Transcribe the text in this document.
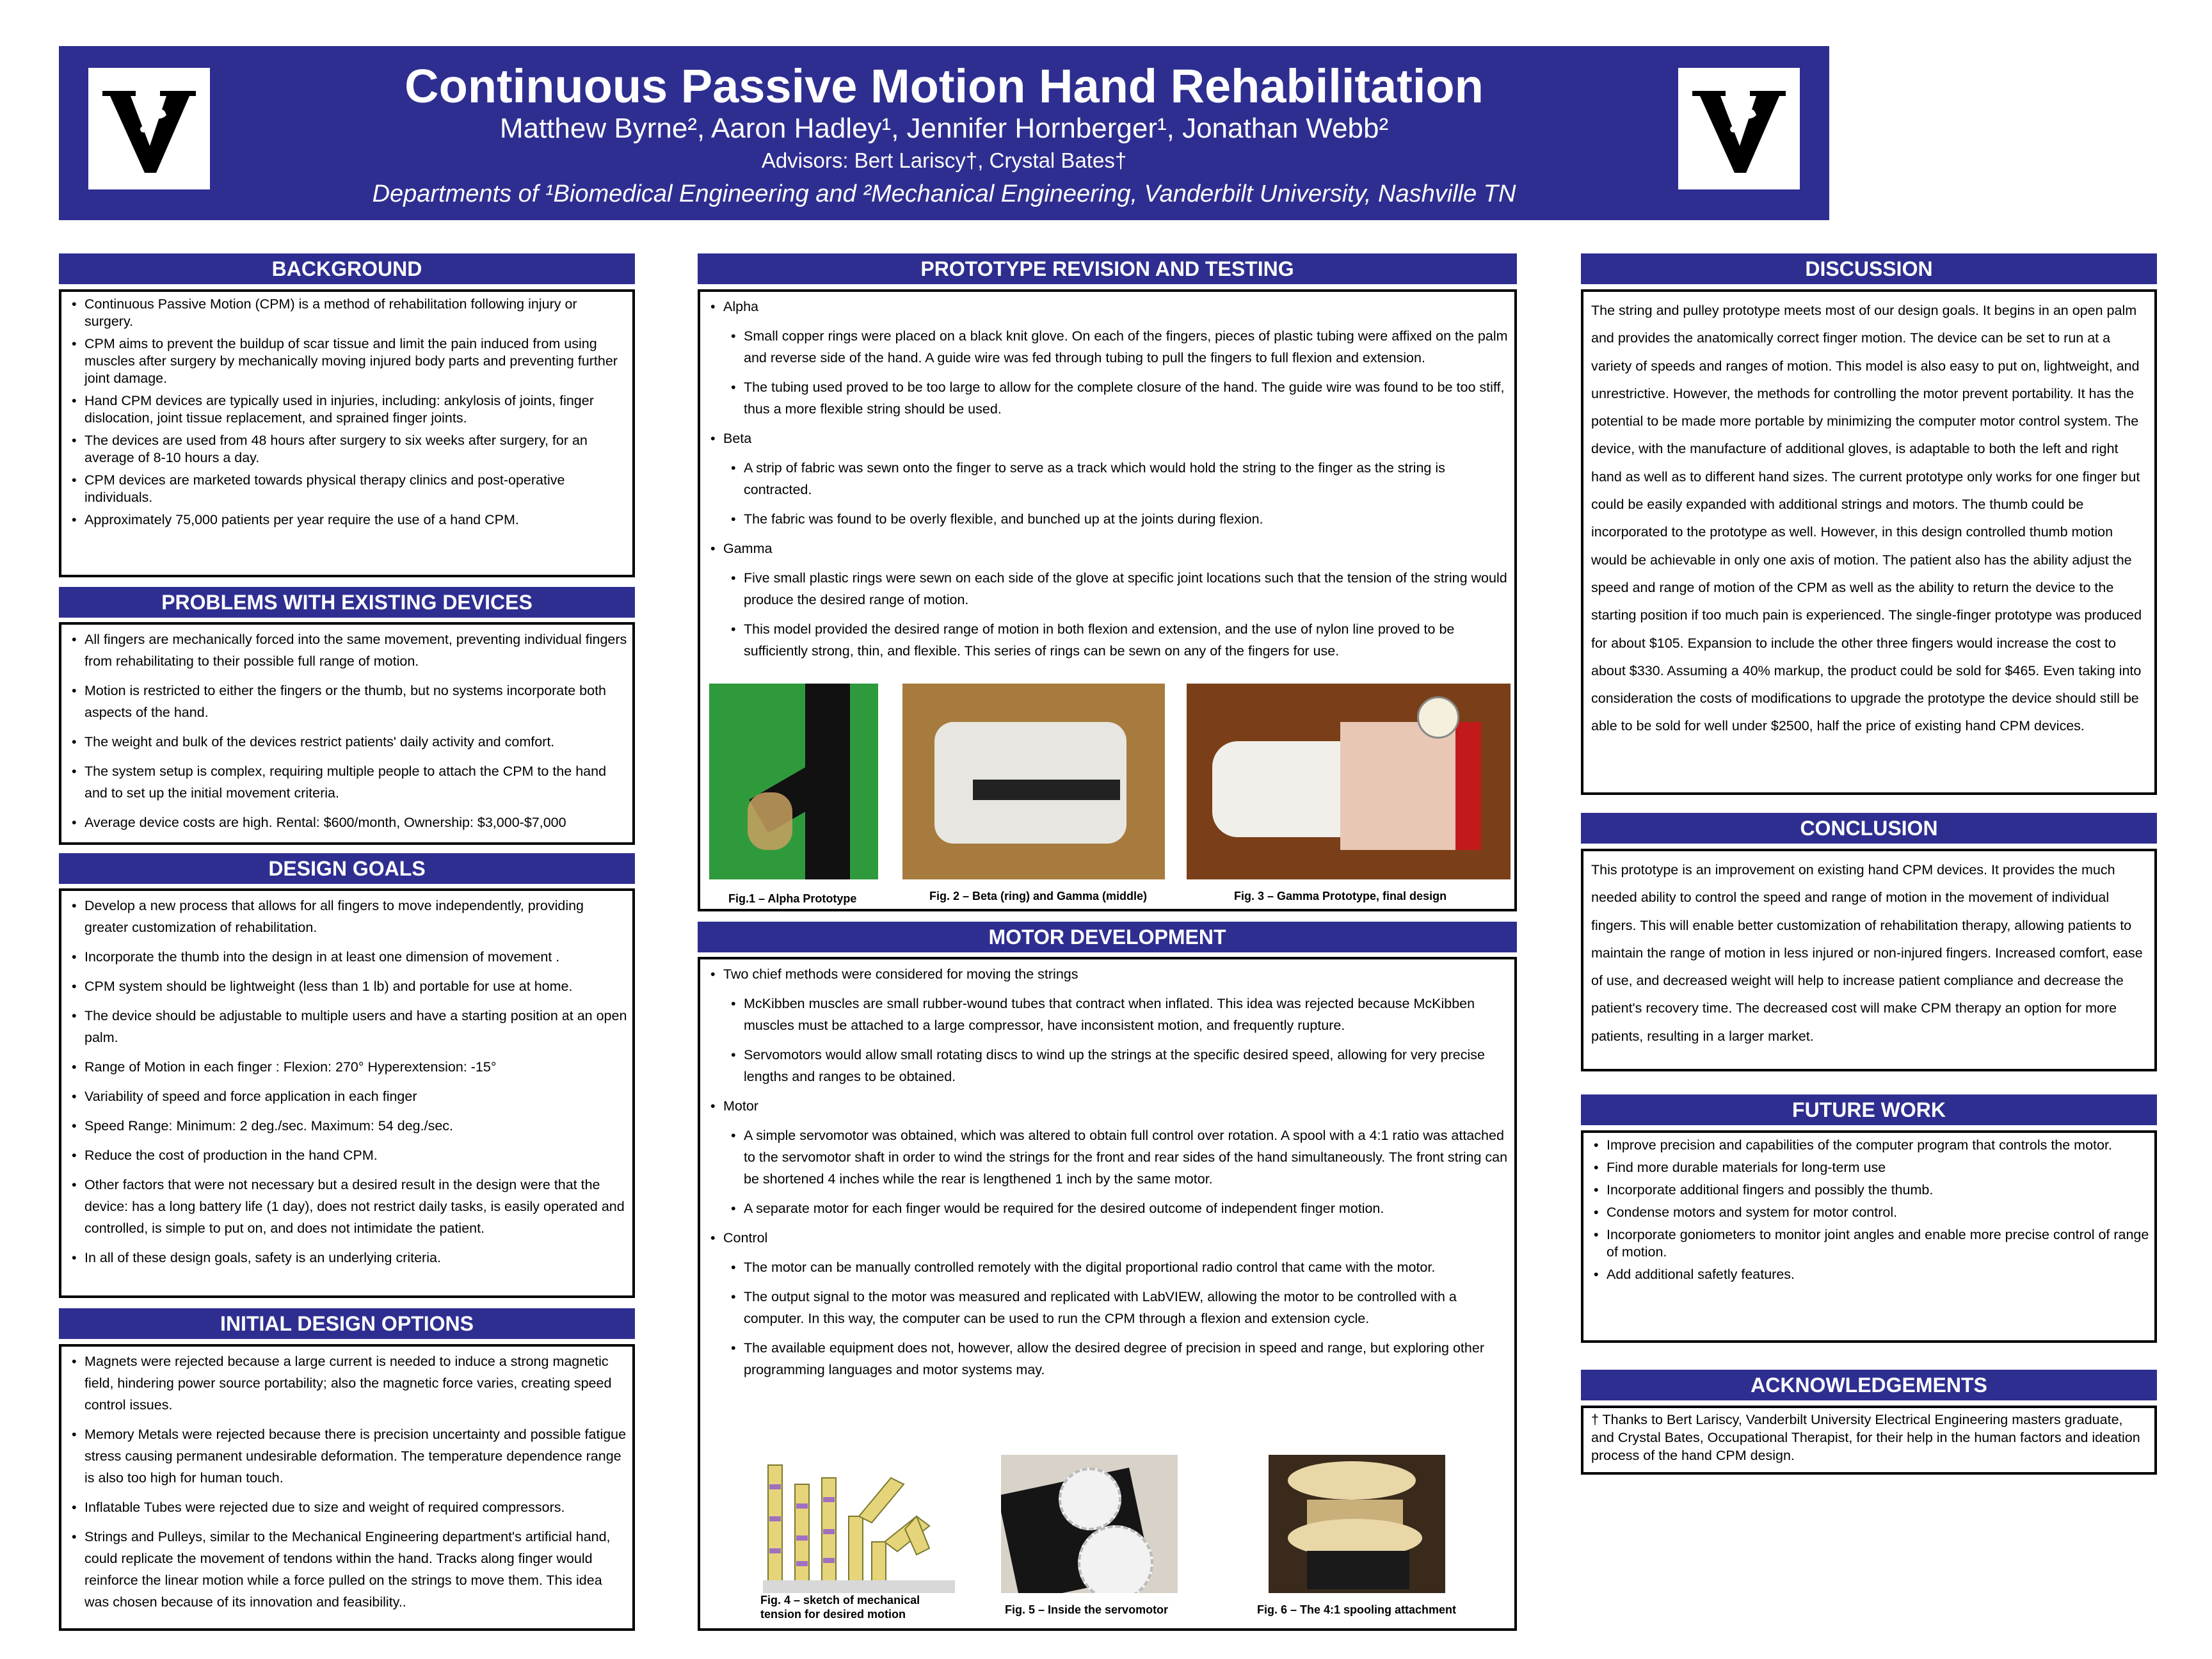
Continuous Passive Motion Hand Rehabilitation
Matthew Byrne², Aaron Hadley¹, Jennifer Hornberger¹, Jonathan Webb²
Advisors: Bert Lariscy†, Crystal Bates†
Departments of ¹Biomedical Engineering and ²Mechanical Engineering, Vanderbilt University, Nashville TN
BACKGROUND
• Continuous Passive Motion (CPM) is a method of rehabilitation following injury or surgery.
• CPM aims to prevent the buildup of scar tissue and limit the pain induced from using muscles after surgery by mechanically moving injured body parts and preventing further joint damage.
• Hand CPM devices are typically used in injuries, including: ankylosis of joints, finger dislocation, joint tissue replacement, and sprained finger joints.
• The devices are used from 48 hours after surgery to six weeks after surgery, for an average of 8-10 hours a day.
• CPM devices are marketed towards physical therapy clinics and post-operative individuals.
• Approximately 75,000 patients per year require the use of a hand CPM.
PROBLEMS WITH EXISTING DEVICES
• All fingers are mechanically forced into the same movement, preventing individual fingers from rehabilitating to their possible full range of motion.
• Motion is restricted to either the fingers or the thumb, but no systems incorporate both aspects of the hand.
• The weight and bulk of the devices restrict patients' daily activity and comfort.
• The system setup is complex, requiring multiple people to attach the CPM to the hand and to set up the initial movement criteria.
• Average device costs are high. Rental: $600/month, Ownership: $3,000-$7,000
DESIGN GOALS
• Develop a new process that allows for all fingers to move independently, providing greater customization of rehabilitation.
• Incorporate the thumb into the design in at least one dimension of movement .
• CPM system should be lightweight (less than 1 lb) and portable for use at home.
• The device should be adjustable to multiple users and have a starting position at an open palm.
• Range of Motion in each finger : Flexion: 270° Hyperextension: -15°
• Variability of speed and force application in each finger
• Speed Range: Minimum: 2 deg./sec. Maximum: 54 deg./sec.
• Reduce the cost of production in the hand CPM.
• Other factors that were not necessary but a desired result in the design were that the device: has a long battery life (1 day), does not restrict daily tasks, is easily operated and controlled, is simple to put on, and does not intimidate the patient.
• In all of these design goals, safety is an underlying criteria.
INITIAL DESIGN OPTIONS
• Magnets were rejected because a large current is needed to induce a strong magnetic field, hindering power source portability; also the magnetic force varies, creating speed control issues.
• Memory Metals were rejected because there is precision uncertainty and possible fatigue stress causing permanent undesirable deformation. The temperature dependence range is also too high for human touch.
• Inflatable Tubes were rejected due to size and weight of required compressors.
• Strings and Pulleys, similar to the Mechanical Engineering department's artificial hand, could replicate the movement of tendons within the hand. Tracks along finger would reinforce the linear motion while a force pulled on the strings to move them. This idea was chosen because of its innovation and feasibility..
PROTOTYPE REVISION AND TESTING
• Alpha
• Small copper rings were placed on a black knit glove. On each of the fingers, pieces of plastic tubing were affixed on the palm and reverse side of the hand. A guide wire was fed through tubing to pull the fingers to full flexion and extension.
• The tubing used proved to be too large to allow for the complete closure of the hand. The guide wire was found to be too stiff, thus a more flexible string should be used.
• Beta
• A strip of fabric was sewn onto the finger to serve as a track which would hold the string to the finger as the string is contracted.
• The fabric was found to be overly flexible, and bunched up at the joints during flexion.
• Gamma
• Five small plastic rings were sewn on each side of the glove at specific joint locations such that the tension of the string would produce the desired range of motion.
• This model provided the desired range of motion in both flexion and extension, and the use of nylon line proved to be sufficiently strong, thin, and flexible. This series of rings can be sewn on any of the fingers for use.
Fig.1 – Alpha Prototype	Fig. 2 – Beta (ring) and Gamma (middle)	Fig. 3 – Gamma Prototype, final design
MOTOR DEVELOPMENT
• Two chief methods were considered for moving the strings
• McKibben muscles are small rubber-wound tubes that contract when inflated. This idea was rejected because McKibben muscles must be attached to a large compressor, have inconsistent motion, and frequently rupture.
• Servomotors would allow small rotating discs to wind up the strings at the specific desired speed, allowing for very precise lengths and ranges to be obtained.
• Motor
• A simple servomotor was obtained, which was altered to obtain full control over rotation. A spool with a 4:1 ratio was attached to the servomotor shaft in order to wind the strings for the front and rear sides of the hand simultaneously. The front string can be shortened 4 inches while the rear is lengthened 1 inch by the same motor.
• A separate motor for each finger would be required for the desired outcome of independent finger motion.
• Control
• The motor can be manually controlled remotely with the digital proportional radio control that came with the motor.
• The output signal to the motor was measured and replicated with LabVIEW, allowing the motor to be controlled with a computer. In this way, the computer can be used to run the CPM through a flexion and extension cycle.
• The available equipment does not, however, allow the desired degree of precision in speed and range, but exploring other programming languages and motor systems may.
Fig. 4 – sketch of mechanical tension for desired motion	Fig. 5 – Inside the servomotor	Fig. 6 – The 4:1 spooling attachment
DISCUSSION
The string and pulley prototype meets most of our design goals. It begins in an open palm and provides the anatomically correct finger motion. The device can be set to run at a variety of speeds and ranges of motion. This model is also easy to put on, lightweight, and unrestrictive. However, the methods for controlling the motor prevent portability. It has the potential to be made more portable by minimizing the computer motor control system. The device, with the manufacture of additional gloves, is adaptable to both the left and right hand as well as to different hand sizes. The current prototype only works for one finger but could be easily expanded with additional strings and motors. The thumb could be incorporated to the prototype as well. However, in this design controlled thumb motion would be achievable in only one axis of motion. The patient also has the ability adjust the speed and range of motion of the CPM as well as the ability to return the device to the starting position if too much pain is experienced. The single-finger prototype was produced for about $105. Expansion to include the other three fingers would increase the cost to about $330. Assuming a 40% markup, the product could be sold for $465. Even taking into consideration the costs of modifications to upgrade the prototype the device should still be able to be sold for well under $2500, half the price of existing hand CPM devices.
CONCLUSION
This prototype is an improvement on existing hand CPM devices. It provides the much needed ability to control the speed and range of motion in the movement of individual fingers. This will enable better customization of rehabilitation therapy, allowing patients to maintain the range of motion in less injured or non-injured fingers. Increased comfort, ease of use, and decreased weight will help to increase patient compliance and decrease the patient's recovery time. The decreased cost will make CPM therapy an option for more patients, resulting in a larger market.
FUTURE WORK
• Improve precision and capabilities of the computer program that controls the motor.
• Find more durable materials for long-term use
• Incorporate additional fingers and possibly the thumb.
• Condense motors and system for motor control.
• Incorporate goniometers to monitor joint angles and enable more precise control of range of motion.
• Add additional safetly features.
ACKNOWLEDGEMENTS
† Thanks to Bert Lariscy, Vanderbilt University Electrical Engineering masters graduate, and Crystal Bates, Occupational Therapist, for their help in the human factors and ideation process of the hand CPM design.
